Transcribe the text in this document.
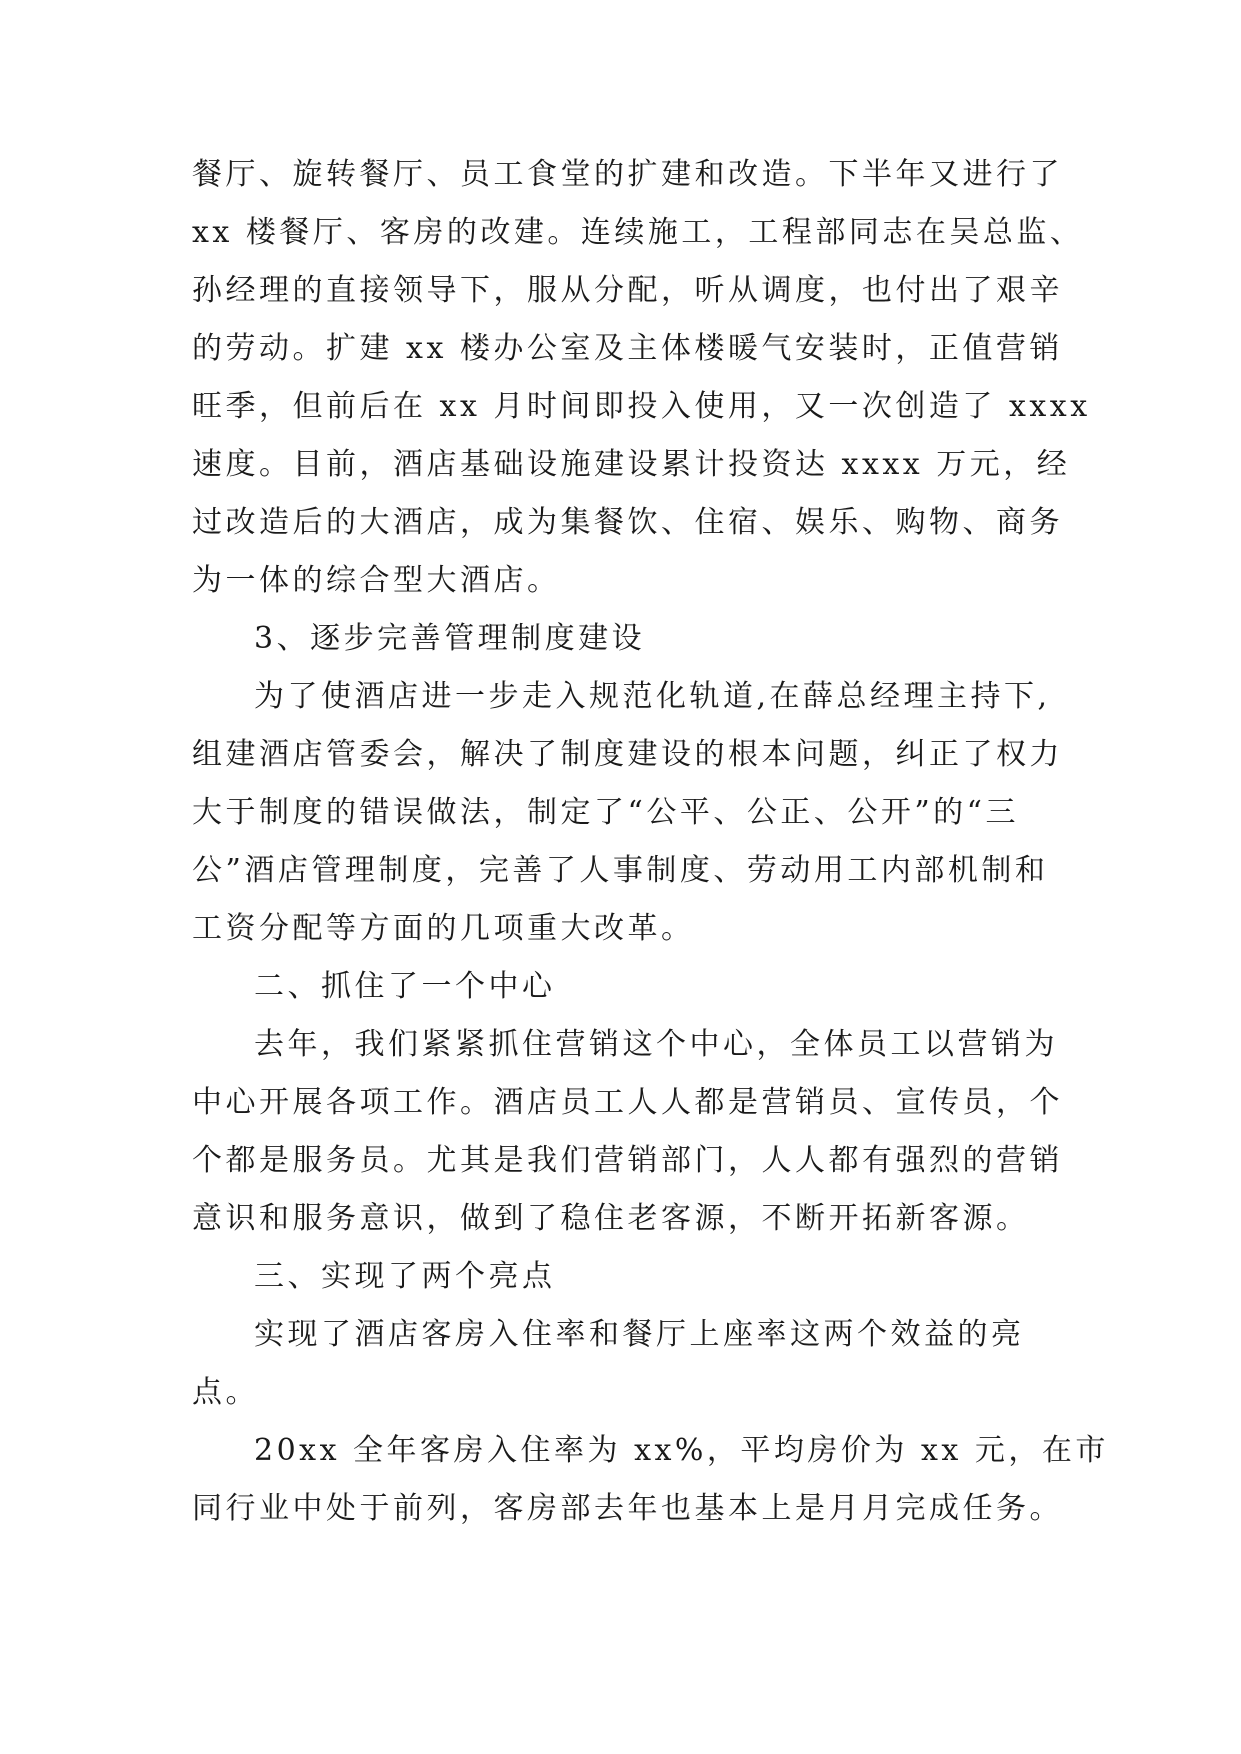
餐厅、旋转餐厅、员工食堂的扩建和改造。下半年又进行了
xx 楼餐厅、客房的改建。连续施工，工程部同志在吴总监、
孙经理的直接领导下，服从分配，听从调度，也付出了艰辛
的劳动。扩建 xx 楼办公室及主体楼暖气安装时，正值营销
旺季，但前后在 xx 月时间即投入使用，又一次创造了 xxxx
速度。目前，酒店基础设施建设累计投资达 xxxx 万元，经
过改造后的大酒店，成为集餐饮、住宿、娱乐、购物、商务
为一体的综合型大酒店。
3、逐步完善管理制度建设
为了使酒店进一步走入规范化轨道,在薛总经理主持下,
组建酒店管委会，解决了制度建设的根本问题，纠正了权力
大于制度的错误做法，制定了“公平、公正、公开”的“三
公”酒店管理制度，完善了人事制度、劳动用工内部机制和
工资分配等方面的几项重大改革。
二、抓住了一个中心
去年，我们紧紧抓住营销这个中心，全体员工以营销为
中心开展各项工作。酒店员工人人都是营销员、宣传员，个
个都是服务员。尤其是我们营销部门，人人都有强烈的营销
意识和服务意识，做到了稳住老客源，不断开拓新客源。
三、实现了两个亮点
实现了酒店客房入住率和餐厅上座率这两个效益的亮
点。
20xx 全年客房入住率为 xx%，平均房价为 xx 元，在市
同行业中处于前列，客房部去年也基本上是月月完成任务。
